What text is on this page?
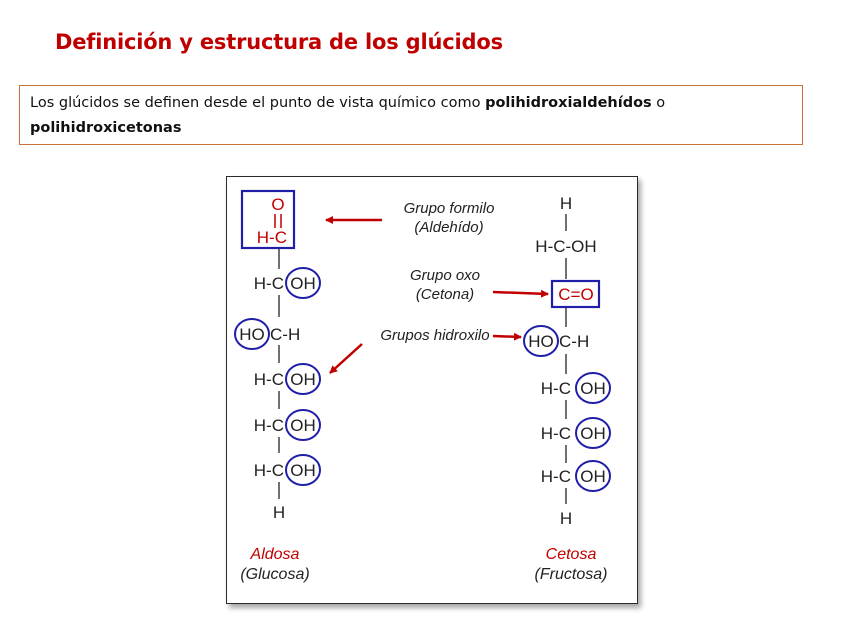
Definición y estructura de los glúcidos
Los glúcidos se definen desde el punto de vista químico como polihidroxialdehídos o polihidroxicetonas
O
H-C
H-C OH
HO C-H
H-C OH
H-C OH
H-C OH
H
Aldosa
(Glucosa)
H
H-C-OH
C=O
HO C-H
H-C OH
H-C OH
H-C OH
H
Cetosa
(Fructosa)
Grupo formilo
(Aldehído)
Grupo oxo
(Cetona)
Grupos hidroxilo
